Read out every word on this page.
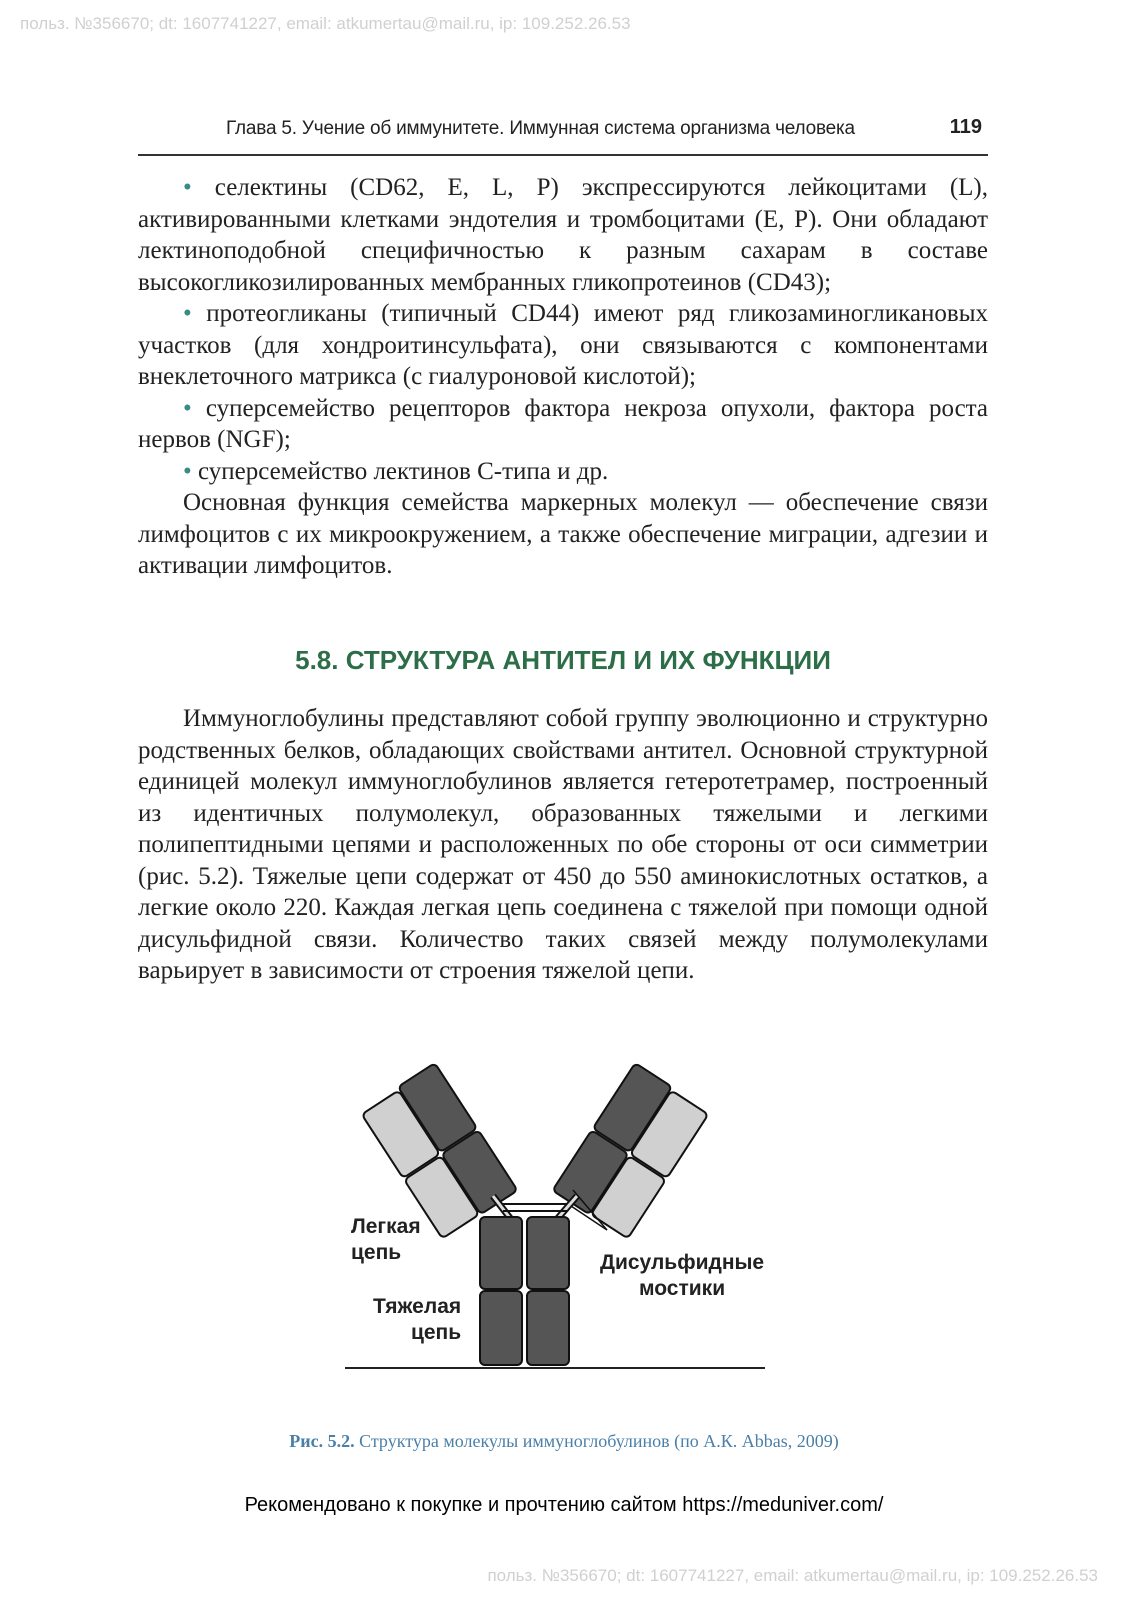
польз. №356670; dt: 1607741227, email: atkumertau@mail.ru, ip: 109.252.26.53
Глава 5. Учение об иммунитете. Иммунная система организма человека	119

• селектины (CD62, E, L, P) экспрессируются лейкоцитами (L), активированными клетками эндотелия и тромбоцитами (E, P). Они обладают лектиноподобной специфичностью к разным сахарам в составе высокогликозилированных мембранных гликопротеинов (CD43);

• протеогликаны (типичный CD44) имеют ряд гликозаминогликановых участков (для хондроитинсульфата), они связываются с компонентами внеклеточного матрикса (с гиалуроновой кислотой);

• суперсемейство рецепторов фактора некроза опухоли, фактора роста нервов (NGF);

• суперсемейство лектинов С-типа и др.

Основная функция семейства маркерных молекул — обеспечение связи лимфоцитов с их микроокружением, а также обеспечение миграции, адгезии и активации лимфоцитов.

5.8. СТРУКТУРА АНТИТЕЛ И ИХ ФУНКЦИИ

Иммуноглобулины представляют собой группу эволюционно и структурно родственных белков, обладающих свойствами антител. Основной структурной единицей молекул иммуноглобулинов является гетеротетрамер, построенный из идентичных полумолекул, образованных тяжелыми и легкими полипептидными цепями и расположенных по обе стороны от оси симметрии (рис. 5.2). Тяжелые цепи содержат от 450 до 550 аминокислотных остатков, а легкие около 220. Каждая легкая цепь соединена с тяжелой при помощи одной дисульфидной связи. Количество таких связей между полумолекулами варьирует в зависимости от строения тяжелой цепи.

Легкая
цепь
Тяжелая
цепь
Дисульфидные
мостики
Рис. 5.2. Структура молекулы иммуноглобулинов (по А.К. Abbas, 2009)
Рекомендовано к покупке и прочтению сайтом https://meduniver.com/
польз. №356670; dt: 1607741227, email: atkumertau@mail.ru, ip: 109.252.26.53
